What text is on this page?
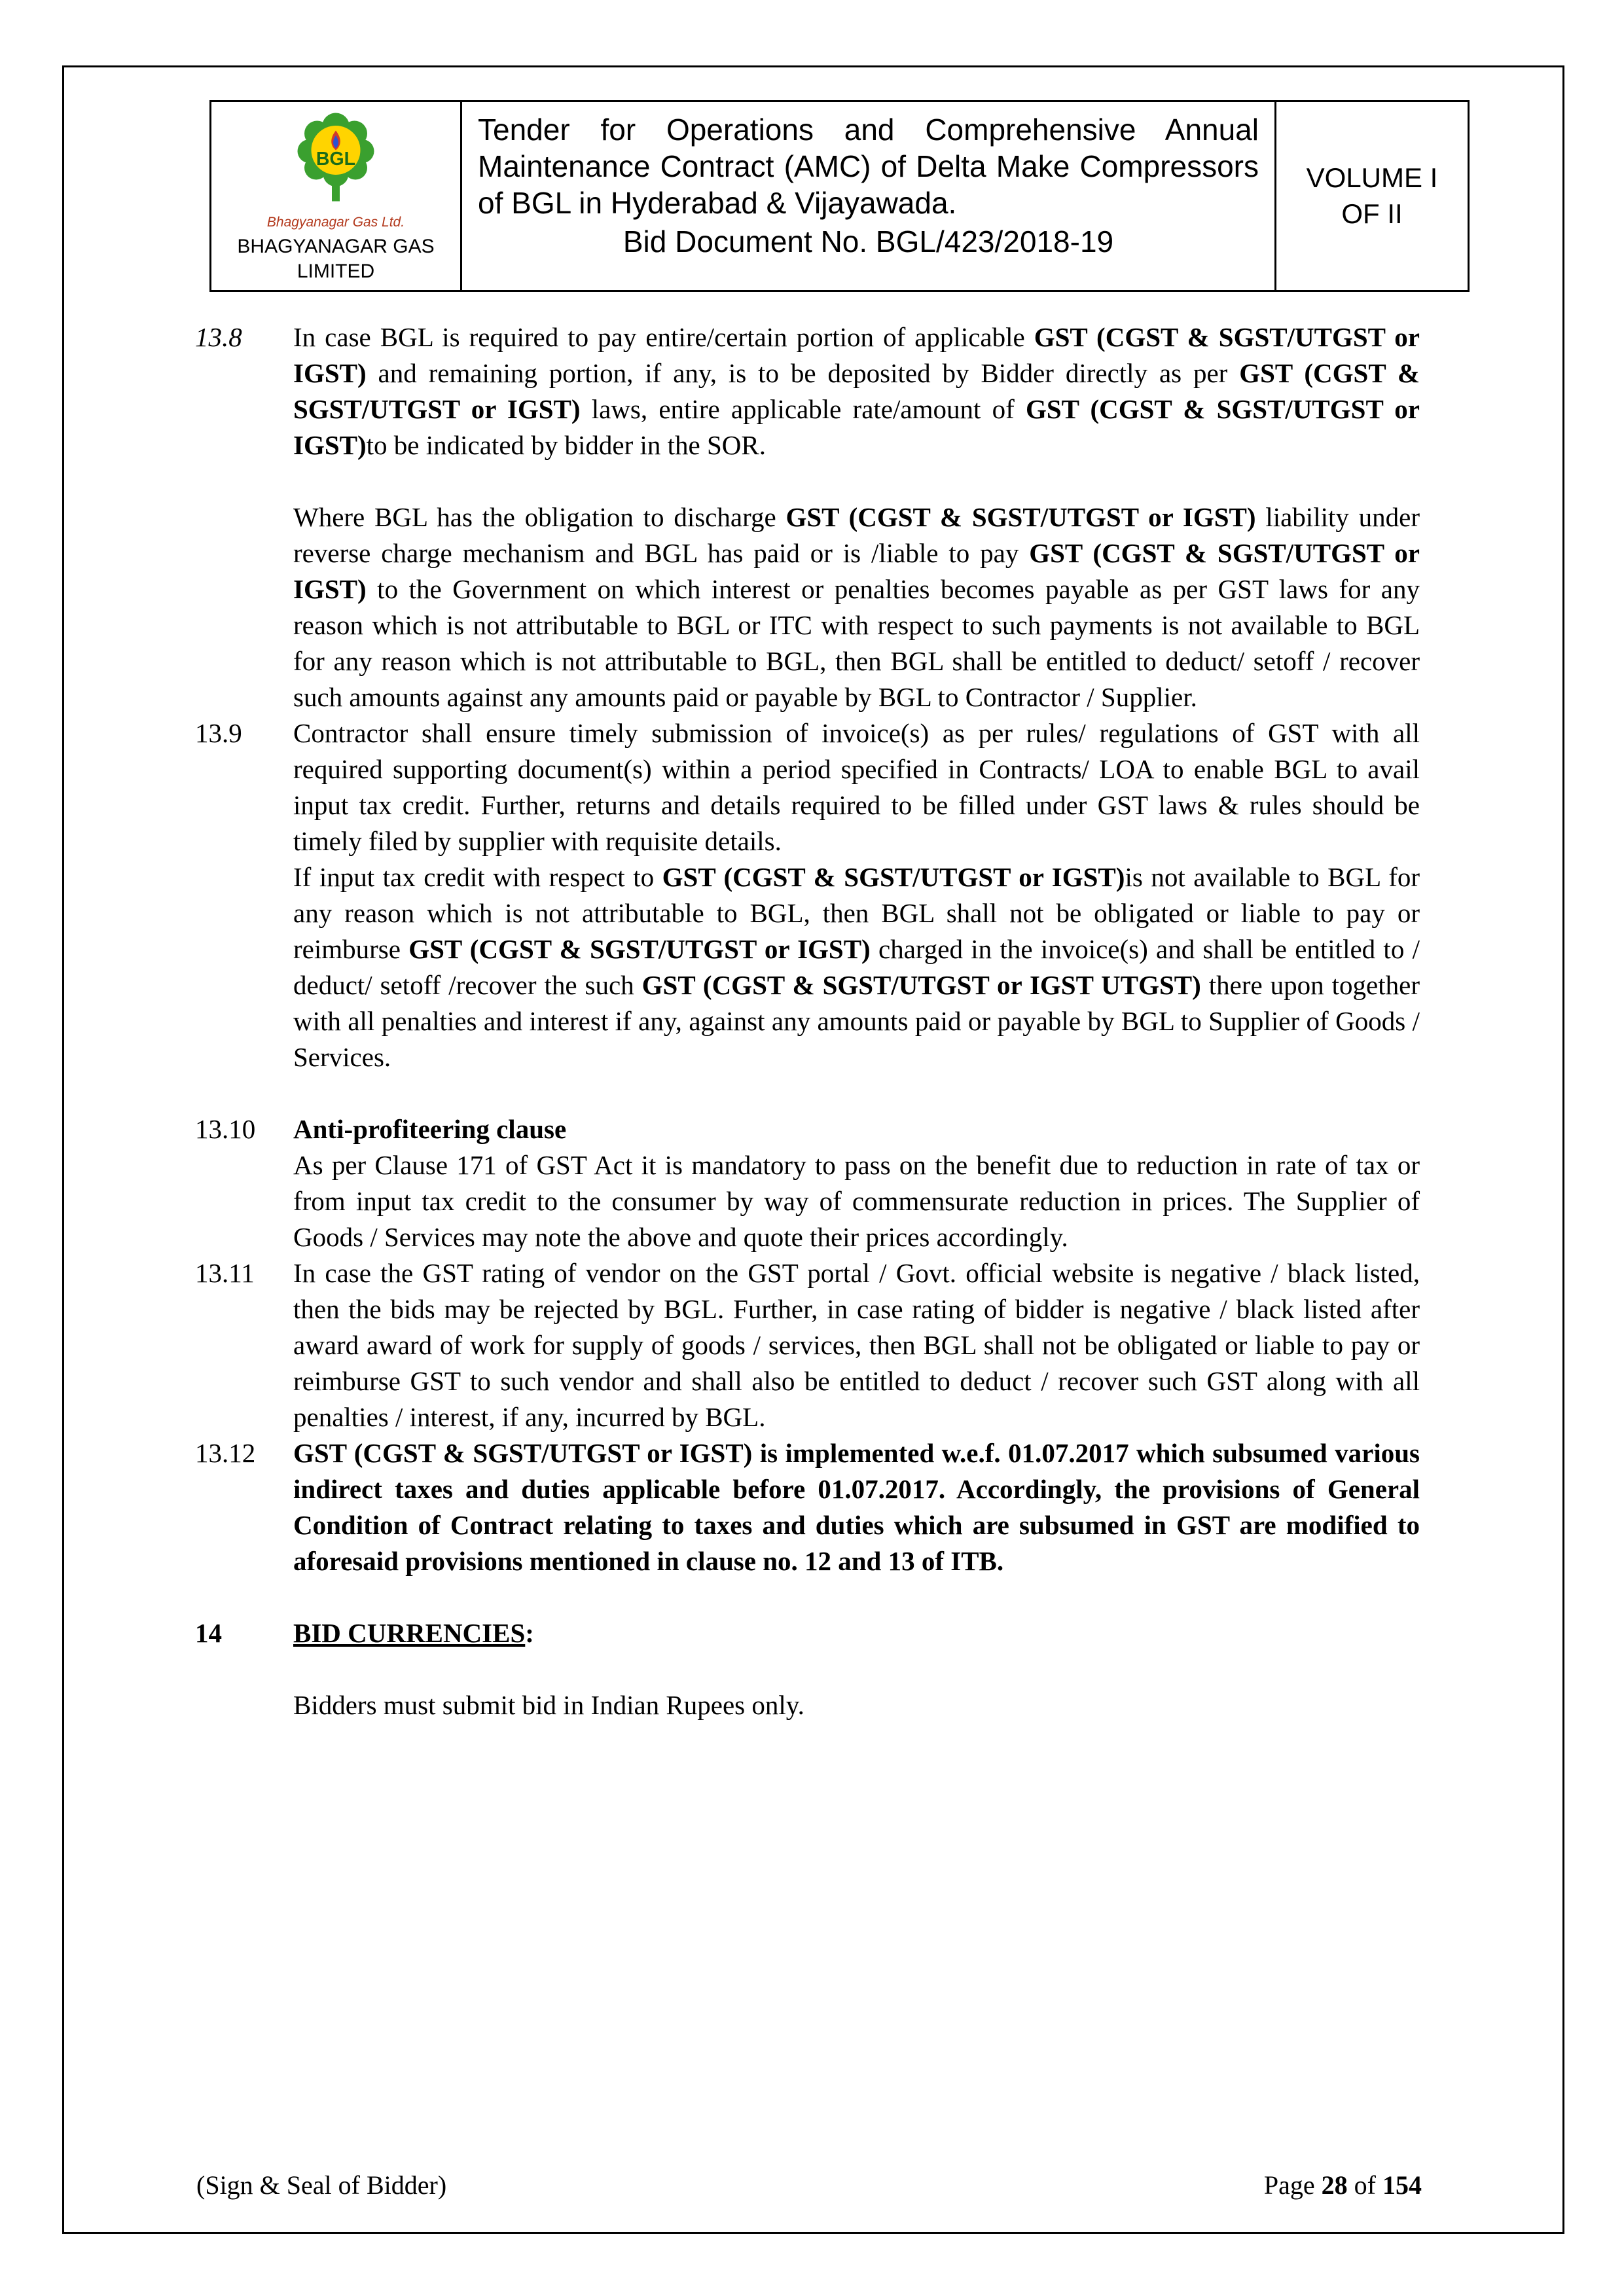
BGL
Bhagyanagar Gas Ltd.
BHAGYANAGAR GAS
LIMITED
Tender for Operations and Comprehensive Annual Maintenance Contract (AMC) of Delta Make Compressors of BGL in Hyderabad & Vijayawada.
Bid Document No. BGL/423/2018-19
VOLUME I
OF II
13.8	In case BGL is required to pay entire/certain portion of applicable GST (CGST & SGST/UTGST or IGST) and remaining portion, if any, is to be deposited by Bidder directly as per GST (CGST & SGST/UTGST or IGST) laws, entire applicable rate/amount of GST (CGST & SGST/UTGST or IGST)to be indicated by bidder in the SOR.

Where BGL has the obligation to discharge GST (CGST & SGST/UTGST or IGST) liability under reverse charge mechanism and BGL has paid or is /liable to pay GST (CGST & SGST/UTGST or IGST) to the Government on which interest or penalties becomes payable as per GST laws for any reason which is not attributable to BGL or ITC with respect to such payments is not available to BGL for any reason which is not attributable to BGL, then BGL shall be entitled to deduct/ setoff / recover such amounts against any amounts paid or payable by BGL to Contractor / Supplier.

13.9	Contractor shall ensure timely submission of invoice(s) as per rules/ regulations of GST with all required supporting document(s) within a period specified in Contracts/ LOA to enable BGL to avail input tax credit. Further, returns and details required to be filled under GST laws & rules should be timely filed by supplier with requisite details.

If input tax credit with respect to GST (CGST & SGST/UTGST or IGST)is not available to BGL for any reason which is not attributable to BGL, then BGL shall not be obligated or liable to pay or reimburse GST (CGST & SGST/UTGST or IGST) charged in the invoice(s) and shall be entitled to / deduct/ setoff /recover the such GST (CGST & SGST/UTGST or IGST UTGST) there upon together with all penalties and interest if any, against any amounts paid or payable by BGL to Supplier of Goods / Services.

13.10	Anti-profiteering clause

As per Clause 171 of GST Act it is mandatory to pass on the benefit due to reduction in rate of tax or from input tax credit to the consumer by way of commensurate reduction in prices. The Supplier of Goods / Services may note the above and quote their prices accordingly.

13.11	In case the GST rating of vendor on the GST portal / Govt. official website is negative / black listed, then the bids may be rejected by BGL. Further, in case rating of bidder is negative / black listed after award award of work for supply of goods / services, then BGL shall not be obligated or liable to pay or reimburse GST to such vendor and shall also be entitled to deduct / recover such GST along with all penalties / interest, if any, incurred by BGL.

13.12	GST (CGST & SGST/UTGST or IGST) is implemented w.e.f. 01.07.2017 which subsumed various indirect taxes and duties applicable before 01.07.2017. Accordingly, the provisions of General Condition of Contract relating to taxes and duties which are subsumed in GST are modified to aforesaid provisions mentioned in clause no. 12 and 13 of ITB.

14	BID CURRENCIES:

Bidders must submit bid in Indian Rupees only.

(Sign & Seal of Bidder)	Page 28 of 154
